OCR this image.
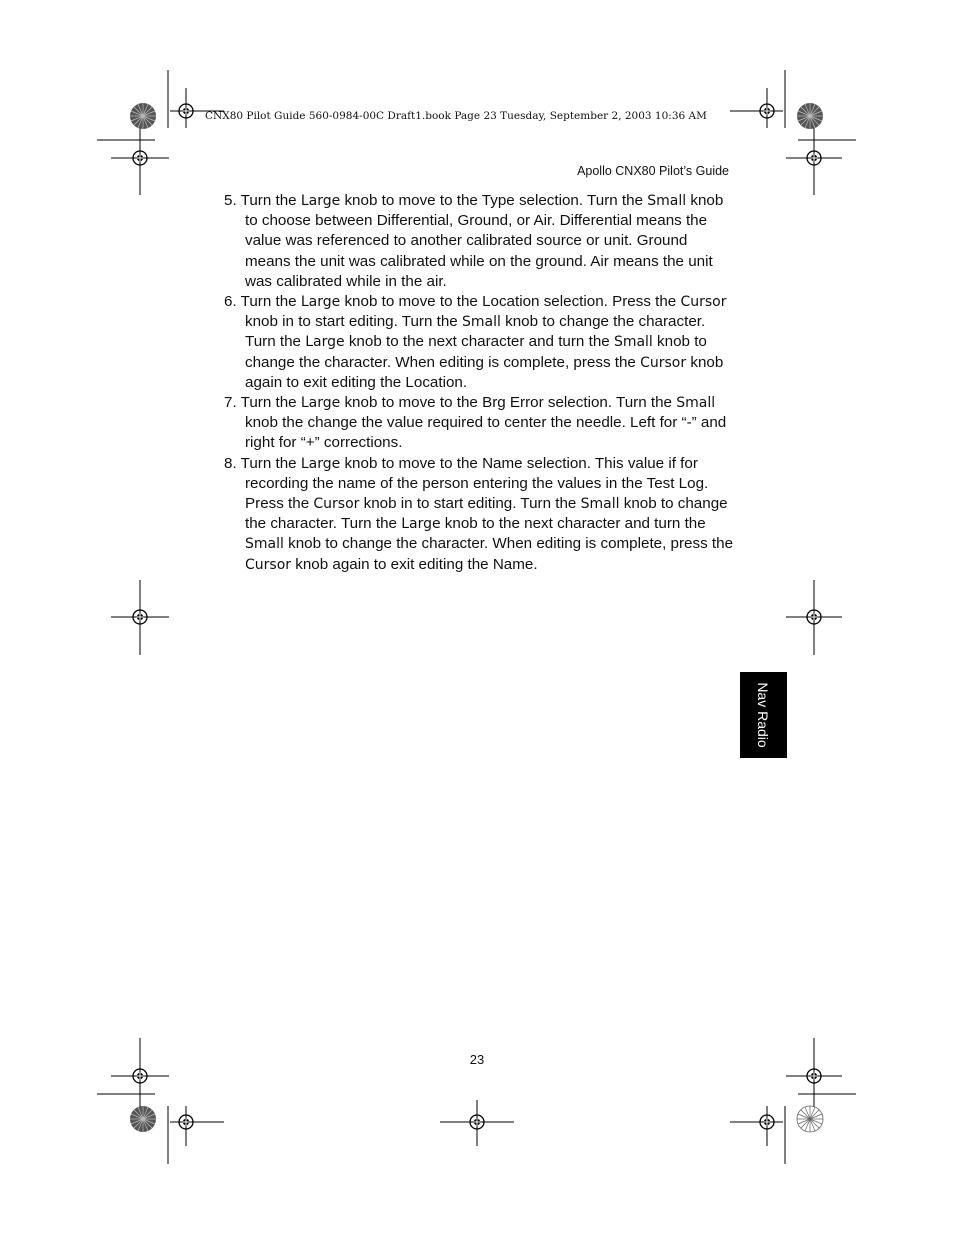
CNX80 Pilot Guide 560-0984-00C Draft1.book Page 23 Tuesday, September 2, 2003 10:36 AM
Apollo CNX80 Pilot’s Guide
5. Turn the Large knob to move to the Type selection. Turn the Small knob to choose between Differential, Ground, or Air. Differential means the value was referenced to another calibrated source or unit. Ground means the unit was calibrated while on the ground. Air means the unit was calibrated while in the air.
6. Turn the Large knob to move to the Location selection. Press the Cursor knob in to start editing. Turn the Small knob to change the character. Turn the Large knob to the next character and turn the Small knob to change the character. When editing is complete, press the Cursor knob again to exit editing the Location.
7. Turn the Large knob to move to the Brg Error selection. Turn the Small knob the change the value required to center the needle. Left for “-” and right for “+” corrections.
8. Turn the Large knob to move to the Name selection. This value if for recording the name of the person entering the values in the Test Log. Press the Cursor knob in to start editing. Turn the Small knob to change the character. Turn the Large knob to the next character and turn the Small knob to change the character. When editing is complete, press the Cursor knob again to exit editing the Name.
Nav Radio
23
